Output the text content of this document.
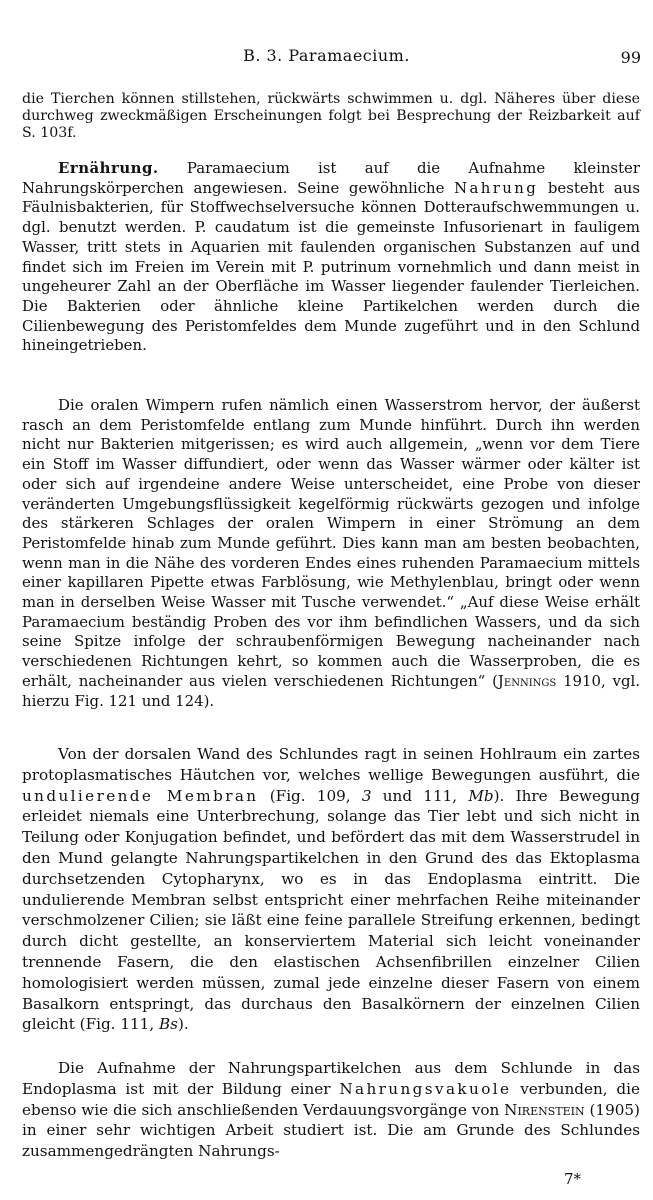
B. 3. Paramaecium.	99

die Tierchen können stillstehen, rückwärts schwimmen u. dgl. Näheres über diese durchweg zweckmäßigen Erscheinungen folgt bei Besprechung der Reizbarkeit auf S. 103f.

Ernährung. Paramaecium ist auf die Aufnahme kleinster Nahrungskörperchen angewiesen. Seine gewöhnliche Nahrung besteht aus Fäulnisbakterien, für Stoffwechselversuche können Dotteraufschwemmungen u. dgl. benutzt werden. P. caudatum ist die gemeinste Infusorienart in fauligem Wasser, tritt stets in Aquarien mit faulenden organischen Substanzen auf und findet sich im Freien im Verein mit P. putrinum vornehmlich und dann meist in ungeheurer Zahl an der Oberfläche im Wasser liegender faulender Tierleichen. Die Bakterien oder ähnliche kleine Partikelchen werden durch die Cilienbewegung des Peristomfeldes dem Munde zugeführt und in den Schlund hineingetrieben.

Die oralen Wimpern rufen nämlich einen Wasserstrom hervor, der äußerst rasch an dem Peristomfelde entlang zum Munde hinführt. Durch ihn werden nicht nur Bakterien mitgerissen; es wird auch allgemein, „wenn vor dem Tiere ein Stoff im Wasser diffundiert, oder wenn das Wasser wärmer oder kälter ist oder sich auf irgendeine andere Weise unterscheidet, eine Probe von dieser veränderten Umgebungsflüssigkeit kegelförmig rückwärts gezogen und infolge des stärkeren Schlages der oralen Wimpern in einer Strömung an dem Peristomfelde hinab zum Munde geführt. Dies kann man am besten beobachten, wenn man in die Nähe des vorderen Endes eines ruhenden Paramaecium mittels einer kapillaren Pipette etwas Farblösung, wie Methylenblau, bringt oder wenn man in derselben Weise Wasser mit Tusche verwendet.“ „Auf diese Weise erhält Paramaecium beständig Proben des vor ihm befindlichen Wassers, und da sich seine Spitze infolge der schraubenförmigen Bewegung nacheinander nach verschiedenen Richtungen kehrt, so kommen auch die Wasserproben, die es erhält, nacheinander aus vielen verschiedenen Richtungen“ (Jennings 1910, vgl. hierzu Fig. 121 und 124).

Von der dorsalen Wand des Schlundes ragt in seinen Hohlraum ein zartes protoplasmatisches Häutchen vor, welches wellige Bewegungen ausführt, die undulierende Membran (Fig. 109, 3 und 111, Mb). Ihre Bewegung erleidet niemals eine Unterbrechung, solange das Tier lebt und sich nicht in Teilung oder Konjugation befindet, und befördert das mit dem Wasserstrudel in den Mund gelangte Nahrungspartikelchen in den Grund des das Ektoplasma durchsetzenden Cytopharynx, wo es in das Endoplasma eintritt. Die undulierende Membran selbst entspricht einer mehrfachen Reihe miteinander verschmolzener Cilien; sie läßt eine feine parallele Streifung erkennen, bedingt durch dicht gestellte, an konserviertem Material sich leicht voneinander trennende Fasern, die den elastischen Achsenfibrillen einzelner Cilien homologisiert werden müssen, zumal jede einzelne dieser Fasern von einem Basalkorn entspringt, das durchaus den Basalkörnern der einzelnen Cilien gleicht (Fig. 111, Bs).

Die Aufnahme der Nahrungspartikelchen aus dem Schlunde in das Endoplasma ist mit der Bildung einer Nahrungsvakuole verbunden, die ebenso wie die sich anschließenden Verdauungsvorgänge von Nirenstein (1905) in einer sehr wichtigen Arbeit studiert ist. Die am Grunde des Schlundes zusammengedrängten Nahrungs-

7*
